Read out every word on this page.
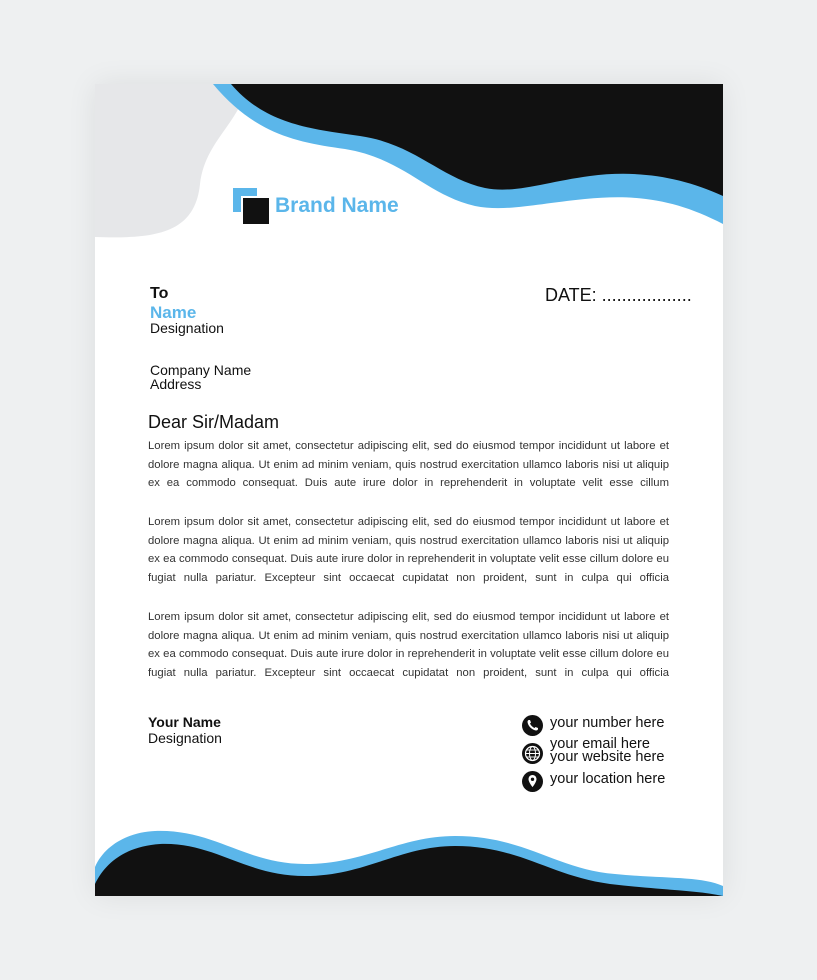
Brand Name
To
Name
Designation
Company Name
Address
DATE: ..................
Dear Sir/Madam
Lorem ipsum dolor sit amet, consectetur adipiscing elit, sed do eiusmod tempor incididunt ut labore et dolore magna aliqua. Ut enim ad minim veniam, quis nostrud exercitation ullamco laboris nisi ut aliquip ex ea commodo consequat. Duis aute irure dolor in reprehenderit in voluptate velit esse cillum
Lorem ipsum dolor sit amet, consectetur adipiscing elit, sed do eiusmod tempor incididunt ut labore et dolore magna aliqua. Ut enim ad minim veniam, quis nostrud exercitation ullamco laboris nisi ut aliquip ex ea commodo consequat. Duis aute irure dolor in reprehenderit in voluptate velit esse cillum dolore eu fugiat nulla pariatur. Excepteur sint occaecat cupidatat non proident, sunt in culpa qui officia
Lorem ipsum dolor sit amet, consectetur adipiscing elit, sed do eiusmod tempor incididunt ut labore et dolore magna aliqua. Ut enim ad minim veniam, quis nostrud exercitation ullamco laboris nisi ut aliquip ex ea commodo consequat. Duis aute irure dolor in reprehenderit in voluptate velit esse cillum dolore eu fugiat nulla pariatur. Excepteur sint occaecat cupidatat non proident, sunt in culpa qui officia
Your Name
Designation
your number here
your email here
your website here
your location here
